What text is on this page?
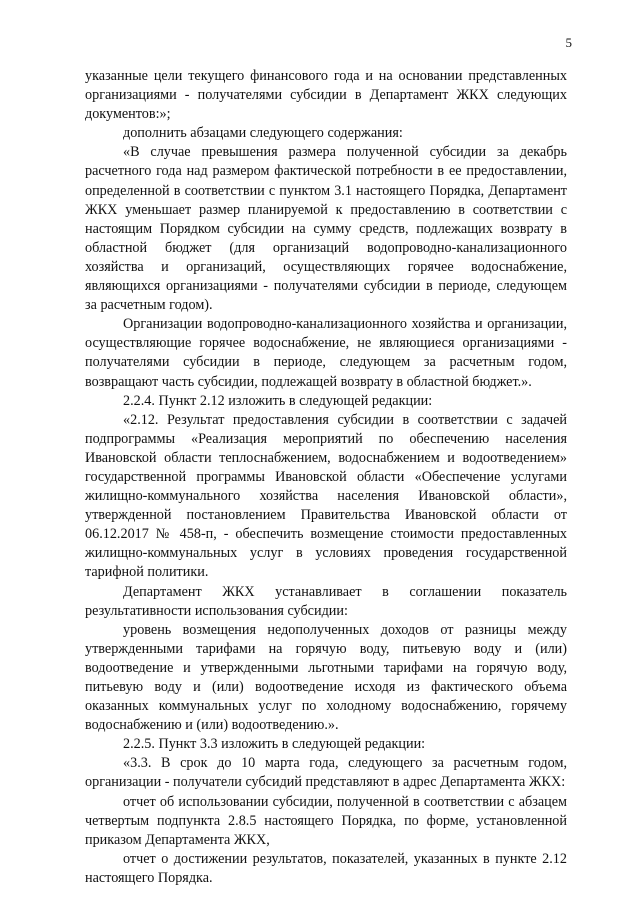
5

указанные цели текущего финансового года и на основании представленных организациями - получателями субсидии в Департамент ЖКХ следующих документов:»;

дополнить абзацами следующего содержания:

«В случае превышения размера полученной субсидии за декабрь расчетного года над размером фактической потребности в ее предоставлении, определенной в соответствии с пунктом 3.1 настоящего Порядка, Департамент ЖКХ уменьшает размер планируемой к предоставлению в соответствии с настоящим Порядком субсидии на сумму средств, подлежащих возврату в областной бюджет (для организаций водопроводно-канализационного хозяйства и организаций, осуществляющих горячее водоснабжение, являющихся организациями - получателями субсидии в периоде, следующем за расчетным годом).

Организации водопроводно-канализационного хозяйства и организации, осуществляющие горячее водоснабжение, не являющиеся организациями - получателями субсидии в периоде, следующем за расчетным годом, возвращают часть субсидии, подлежащей возврату в областной бюджет.».

2.2.4. Пункт 2.12 изложить в следующей редакции:

«2.12. Результат предоставления субсидии в соответствии с задачей подпрограммы «Реализация мероприятий по обеспечению населения Ивановской области теплоснабжением, водоснабжением и водоотведением» государственной программы Ивановской области «Обеспечение услугами жилищно-коммунального хозяйства населения Ивановской области», утвержденной постановлением Правительства Ивановской области от 06.12.2017 № 458-п, - обеспечить возмещение стоимости предоставленных жилищно-коммунальных услуг в условиях проведения государственной тарифной политики.

Департамент ЖКХ устанавливает в соглашении показатель результативности использования субсидии:

уровень возмещения недополученных доходов от разницы между утвержденными тарифами на горячую воду, питьевую воду и (или) водоотведение и утвержденными льготными тарифами на горячую воду, питьевую воду и (или) водоотведение исходя из фактического объема оказанных коммунальных услуг по холодному водоснабжению, горячему водоснабжению и (или) водоотведению.».

2.2.5. Пункт 3.3 изложить в следующей редакции:

«3.3. В срок до 10 марта года, следующего за расчетным годом, организации - получатели субсидий представляют в адрес Департамента ЖКХ:

отчет об использовании субсидии, полученной в соответствии с абзацем четвертым подпункта 2.8.5 настоящего Порядка, по форме, установленной приказом Департамента ЖКХ,

отчет о достижении результатов, показателей, указанных в пункте 2.12 настоящего Порядка.
